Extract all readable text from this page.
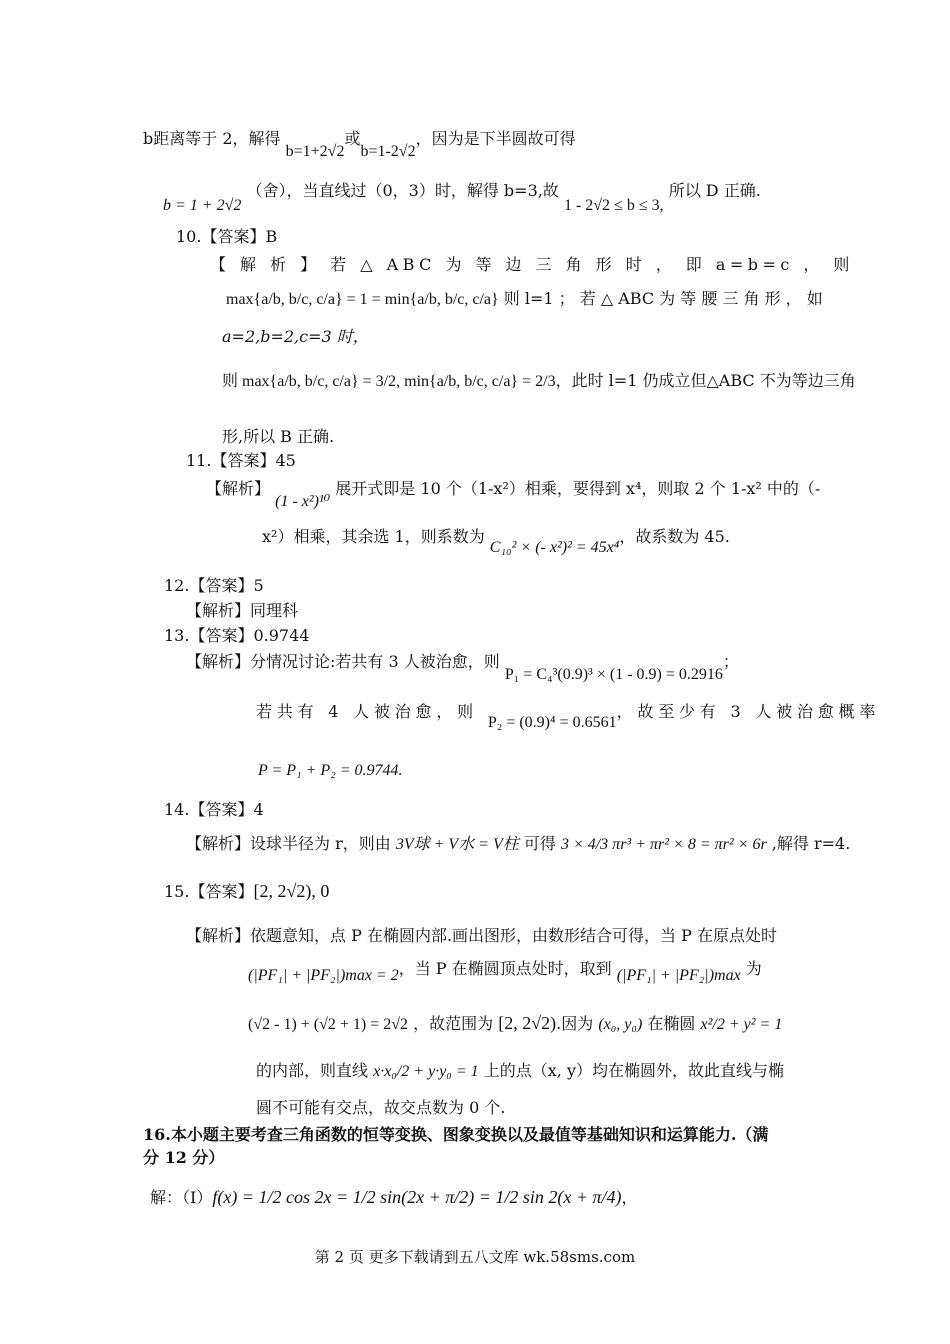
b距离等于 2，解得 b=1+2√2或b=1-2√2，因为是下半圆故可得
b = 1 + 2√2 （舍），当直线过（0，3）时，解得 b=3,故 1 - 2√2 ≤ b ≤ 3, 所以 D 正确.
10.【答案】B
【 解 析 】 若 △ ABC 为 等 边 三 角 形 时 ， 即 a=b=c ， 则
max{a/b, b/c, c/a} = 1 = min{a/b, b/c, c/a} 则 l=1 ； 若 △ ABC 为 等 腰 三 角 形 ， 如
a=2,b=2,c=3 时，
则 max{a/b, b/c, c/a} = 3/2, min{a/b, b/c, c/a} = 2/3，此时 l=1 仍成立但△ABC 不为等边三角
形,所以 B 正确.
11.【答案】45
【解析】 (1 - x²)¹⁰ 展开式即是 10 个（1-x²）相乘，要得到 x⁴，则取 2 个 1-x² 中的（-
x²）相乘，其余选 1，则系数为 C₁₀² × (- x²)² = 45x⁴，故系数为 45.
12.【答案】5
【解析】同理科
13.【答案】0.9744
【解析】分情况讨论:若共有 3 人被治愈，则 P₁ = C₄³(0.9)³ × (1 - 0.9) = 0.2916；
若共有 4 人被治愈，则 P₂ = (0.9)⁴ = 0.6561，故至少有 3 人被治愈概率
P = P₁ + P₂ = 0.9744.
14.【答案】4
【解析】设球半径为 r，则由 3V球 + V水 = V柱 可得 3 × 4/3 πr³ + πr² × 8 = πr² × 6r ,解得 r=4.
15.【答案】[2, 2√2), 0
【解析】依题意知，点 P 在椭圆内部.画出图形，由数形结合可得，当 P 在原点处时
(|PF₁| + |PF₂|)max = 2，当 P 在椭圆顶点处时，取到 (|PF₁| + |PF₂|)max 为
(√2 - 1) + (√2 + 1) = 2√2 ，故范围为 [2, 2√2).因为 (x₀, y₀) 在椭圆 x²/2 + y² = 1
的内部，则直线 x·x₀/2 + y·y₀ = 1 上的点（x, y）均在椭圆外，故此直线与椭
圆不可能有交点，故交点数为 0 个.
16.本小题主要考查三角函数的恒等变换、图象变换以及最值等基础知识和运算能力.（满
分 12 分）
解：（Ⅰ）f(x) = 1/2 cos 2x = 1/2 sin(2x + π/2) = 1/2 sin 2(x + π/4)，
第 2 页 更多下载请到五八文库 wk.58sms.com
